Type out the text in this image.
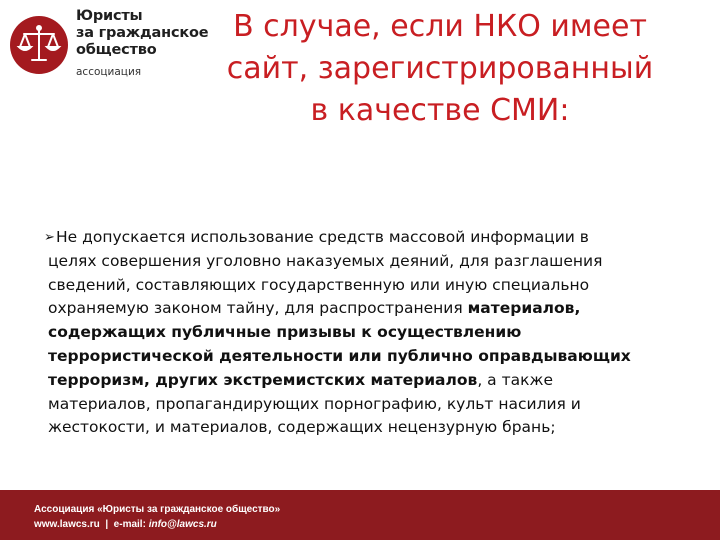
Юристы
за гражданское
общество
ассоциация
В случае, если НКО имеет
сайт, зарегистрированный
в качестве СМИ:
➢ Не допускается использование средств массовой информации в
целях совершения уголовно наказуемых деяний, для разглашения
сведений, составляющих государственную или иную специально
охраняемую законом тайну, для распространения материалов,
содержащих публичные призывы к осуществлению
террористической деятельности или публично оправдывающих
терроризм, других экстремистских материалов, а также
материалов, пропагандирующих порнографию, культ насилия и
жестокости, и материалов, содержащих нецензурную брань;
Ассоциация «Юристы за гражданское общество»
www.lawcs.ru  |  e-mail: info@lawcs.ru
